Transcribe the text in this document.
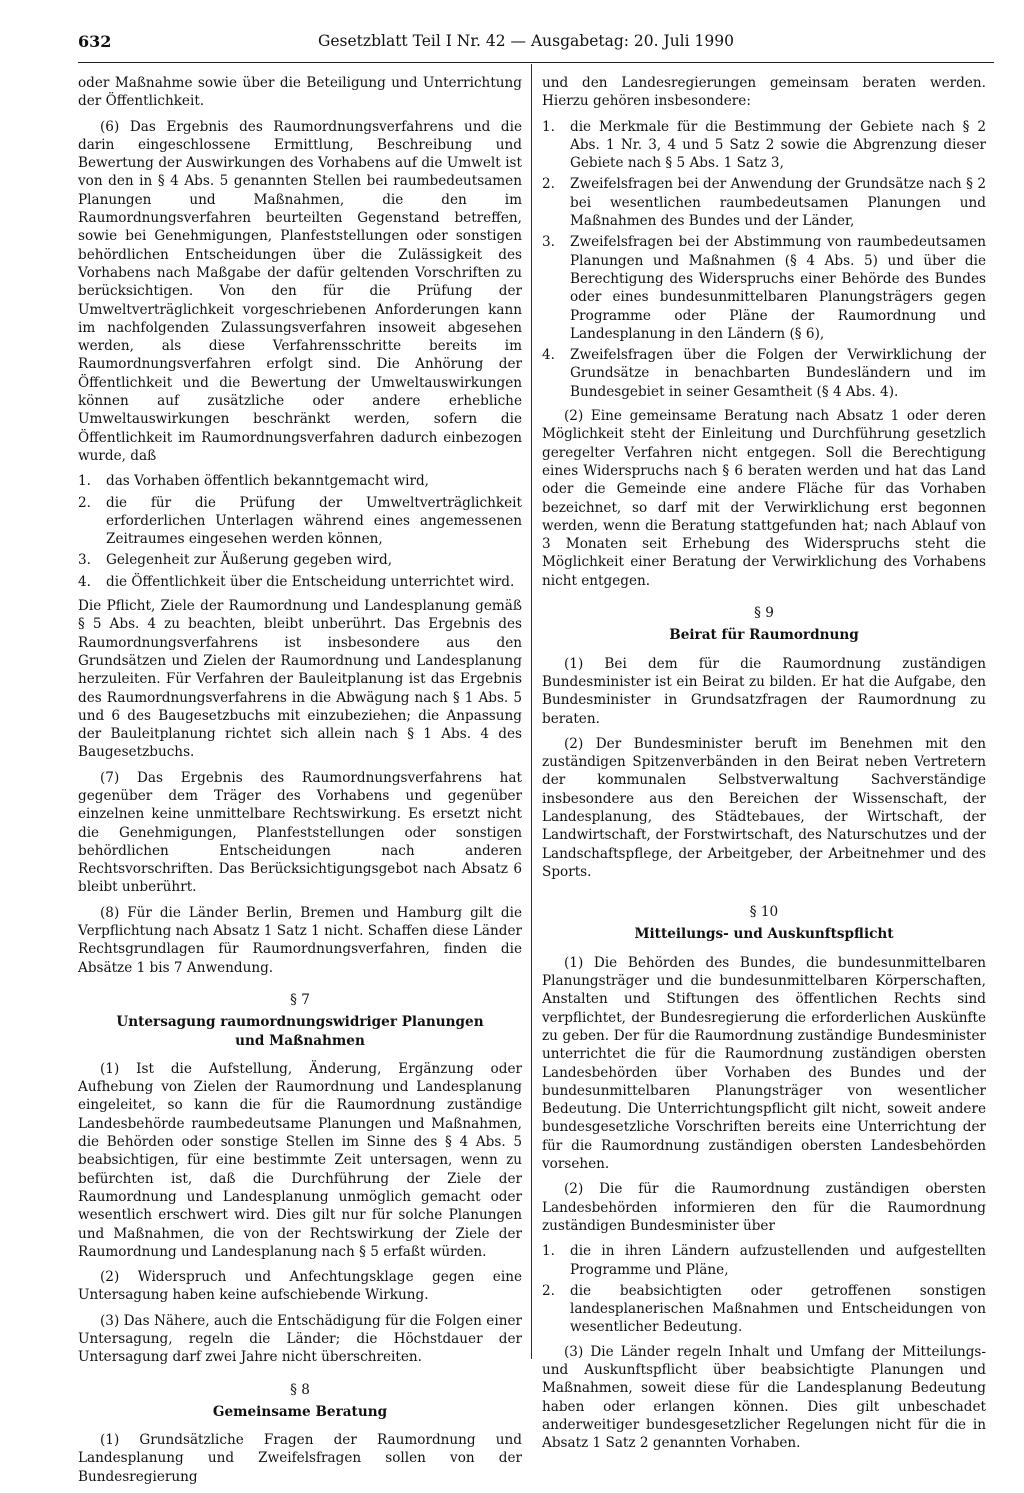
632	Gesetzblatt Teil I Nr. 42 — Ausgabetag: 20. Juli 1990

oder Maßnahme sowie über die Beteiligung und Unterrichtung der Öffentlichkeit.

(6) Das Ergebnis des Raumordnungsverfahrens und die darin eingeschlossene Ermittlung, Beschreibung und Bewertung der Auswirkungen des Vorhabens auf die Umwelt ist von den in § 4 Abs. 5 genannten Stellen bei raumbedeutsamen Planungen und Maßnahmen, die den im Raumordnungsverfahren beurteilten Gegenstand betreffen, sowie bei Genehmigungen, Planfeststellungen oder sonstigen behördlichen Entscheidungen über die Zulässigkeit des Vorhabens nach Maßgabe der dafür geltenden Vorschriften zu berücksichtigen. Von den für die Prüfung der Umweltverträglichkeit vorgeschriebenen Anforderungen kann im nachfolgenden Zulassungsverfahren insoweit abgesehen werden, als diese Verfahrensschritte bereits im Raumordnungsverfahren erfolgt sind. Die Anhörung der Öffentlichkeit und die Bewertung der Umweltauswirkungen können auf zusätzliche oder andere erhebliche Umweltauswirkungen beschränkt werden, sofern die Öffentlichkeit im Raumordnungsverfahren dadurch einbezogen wurde, daß

1. das Vorhaben öffentlich bekanntgemacht wird,
2. die für die Prüfung der Umweltverträglichkeit erforderlichen Unterlagen während eines angemessenen Zeitraumes eingesehen werden können,
3. Gelegenheit zur Äußerung gegeben wird,
4. die Öffentlichkeit über die Entscheidung unterrichtet wird.

Die Pflicht, Ziele der Raumordnung und Landesplanung gemäß § 5 Abs. 4 zu beachten, bleibt unberührt. Das Ergebnis des Raumordnungsverfahrens ist insbesondere aus den Grundsätzen und Zielen der Raumordnung und Landesplanung herzuleiten. Für Verfahren der Bauleitplanung ist das Ergebnis des Raumordnungsverfahrens in die Abwägung nach § 1 Abs. 5 und 6 des Baugesetzbuchs mit einzubeziehen; die Anpassung der Bauleitplanung richtet sich allein nach § 1 Abs. 4 des Baugesetzbuchs.

(7) Das Ergebnis des Raumordnungsverfahrens hat gegenüber dem Träger des Vorhabens und gegenüber einzelnen keine unmittelbare Rechtswirkung. Es ersetzt nicht die Genehmigungen, Planfeststellungen oder sonstigen behördlichen Entscheidungen nach anderen Rechtsvorschriften. Das Berücksichtigungsgebot nach Absatz 6 bleibt unberührt.

(8) Für die Länder Berlin, Bremen und Hamburg gilt die Verpflichtung nach Absatz 1 Satz 1 nicht. Schaffen diese Länder Rechtsgrundlagen für Raumordnungsverfahren, finden die Absätze 1 bis 7 Anwendung.

§ 7
Untersagung raumordnungswidriger Planungen
und Maßnahmen

(1) Ist die Aufstellung, Änderung, Ergänzung oder Aufhebung von Zielen der Raumordnung und Landesplanung eingeleitet, so kann die für die Raumordnung zuständige Landesbehörde raumbedeutsame Planungen und Maßnahmen, die Behörden oder sonstige Stellen im Sinne des § 4 Abs. 5 beabsichtigen, für eine bestimmte Zeit untersagen, wenn zu befürchten ist, daß die Durchführung der Ziele der Raumordnung und Landesplanung unmöglich gemacht oder wesentlich erschwert wird. Dies gilt nur für solche Planungen und Maßnahmen, die von der Rechtswirkung der Ziele der Raumordnung und Landesplanung nach § 5 erfaßt würden.

(2) Widerspruch und Anfechtungsklage gegen eine Untersagung haben keine aufschiebende Wirkung.

(3) Das Nähere, auch die Entschädigung für die Folgen einer Untersagung, regeln die Länder; die Höchstdauer der Untersagung darf zwei Jahre nicht überschreiten.

§ 8
Gemeinsame Beratung

(1) Grundsätzliche Fragen der Raumordnung und Landesplanung und Zweifelsfragen sollen von der Bundesregierung

und den Landesregierungen gemeinsam beraten werden. Hierzu gehören insbesondere:

1. die Merkmale für die Bestimmung der Gebiete nach § 2 Abs. 1 Nr. 3, 4 und 5 Satz 2 sowie die Abgrenzung dieser Gebiete nach § 5 Abs. 1 Satz 3,
2. Zweifelsfragen bei der Anwendung der Grundsätze nach § 2 bei wesentlichen raumbedeutsamen Planungen und Maßnahmen des Bundes und der Länder,
3. Zweifelsfragen bei der Abstimmung von raumbedeutsamen Planungen und Maßnahmen (§ 4 Abs. 5) und über die Berechtigung des Widerspruchs einer Behörde des Bundes oder eines bundesunmittelbaren Planungsträgers gegen Programme oder Pläne der Raumordnung und Landesplanung in den Ländern (§ 6),
4. Zweifelsfragen über die Folgen der Verwirklichung der Grundsätze in benachbarten Bundesländern und im Bundesgebiet in seiner Gesamtheit (§ 4 Abs. 4).

(2) Eine gemeinsame Beratung nach Absatz 1 oder deren Möglichkeit steht der Einleitung und Durchführung gesetzlich geregelter Verfahren nicht entgegen. Soll die Berechtigung eines Widerspruchs nach § 6 beraten werden und hat das Land oder die Gemeinde eine andere Fläche für das Vorhaben bezeichnet, so darf mit der Verwirklichung erst begonnen werden, wenn die Beratung stattgefunden hat; nach Ablauf von 3 Monaten seit Erhebung des Widerspruchs steht die Möglichkeit einer Beratung der Verwirklichung des Vorhabens nicht entgegen.

§ 9
Beirat für Raumordnung

(1) Bei dem für die Raumordnung zuständigen Bundesminister ist ein Beirat zu bilden. Er hat die Aufgabe, den Bundesminister in Grundsatzfragen der Raumordnung zu beraten.

(2) Der Bundesminister beruft im Benehmen mit den zuständigen Spitzenverbänden in den Beirat neben Vertretern der kommunalen Selbstverwaltung Sachverständige insbesondere aus den Bereichen der Wissenschaft, der Landesplanung, des Städtebaues, der Wirtschaft, der Landwirtschaft, der Forstwirtschaft, des Naturschutzes und der Landschaftspflege, der Arbeitgeber, der Arbeitnehmer und des Sports.

§ 10
Mitteilungs- und Auskunftspflicht

(1) Die Behörden des Bundes, die bundesunmittelbaren Planungsträger und die bundesunmittelbaren Körperschaften, Anstalten und Stiftungen des öffentlichen Rechts sind verpflichtet, der Bundesregierung die erforderlichen Auskünfte zu geben. Der für die Raumordnung zuständige Bundesminister unterrichtet die für die Raumordnung zuständigen obersten Landesbehörden über Vorhaben des Bundes und der bundesunmittelbaren Planungsträger von wesentlicher Bedeutung. Die Unterrichtungspflicht gilt nicht, soweit andere bundesgesetzliche Vorschriften bereits eine Unterrichtung der für die Raumordnung zuständigen obersten Landesbehörden vorsehen.

(2) Die für die Raumordnung zuständigen obersten Landesbehörden informieren den für die Raumordnung zuständigen Bundesminister über

1. die in ihren Ländern aufzustellenden und aufgestellten Programme und Pläne,
2. die beabsichtigten oder getroffenen sonstigen landesplanerischen Maßnahmen und Entscheidungen von wesentlicher Bedeutung.

(3) Die Länder regeln Inhalt und Umfang der Mitteilungs- und Auskunftspflicht über beabsichtigte Planungen und Maßnahmen, soweit diese für die Landesplanung Bedeutung haben oder erlangen können. Dies gilt unbeschadet anderweitiger bundesgesetzlicher Regelungen nicht für die in Absatz 1 Satz 2 genannten Vorhaben.
